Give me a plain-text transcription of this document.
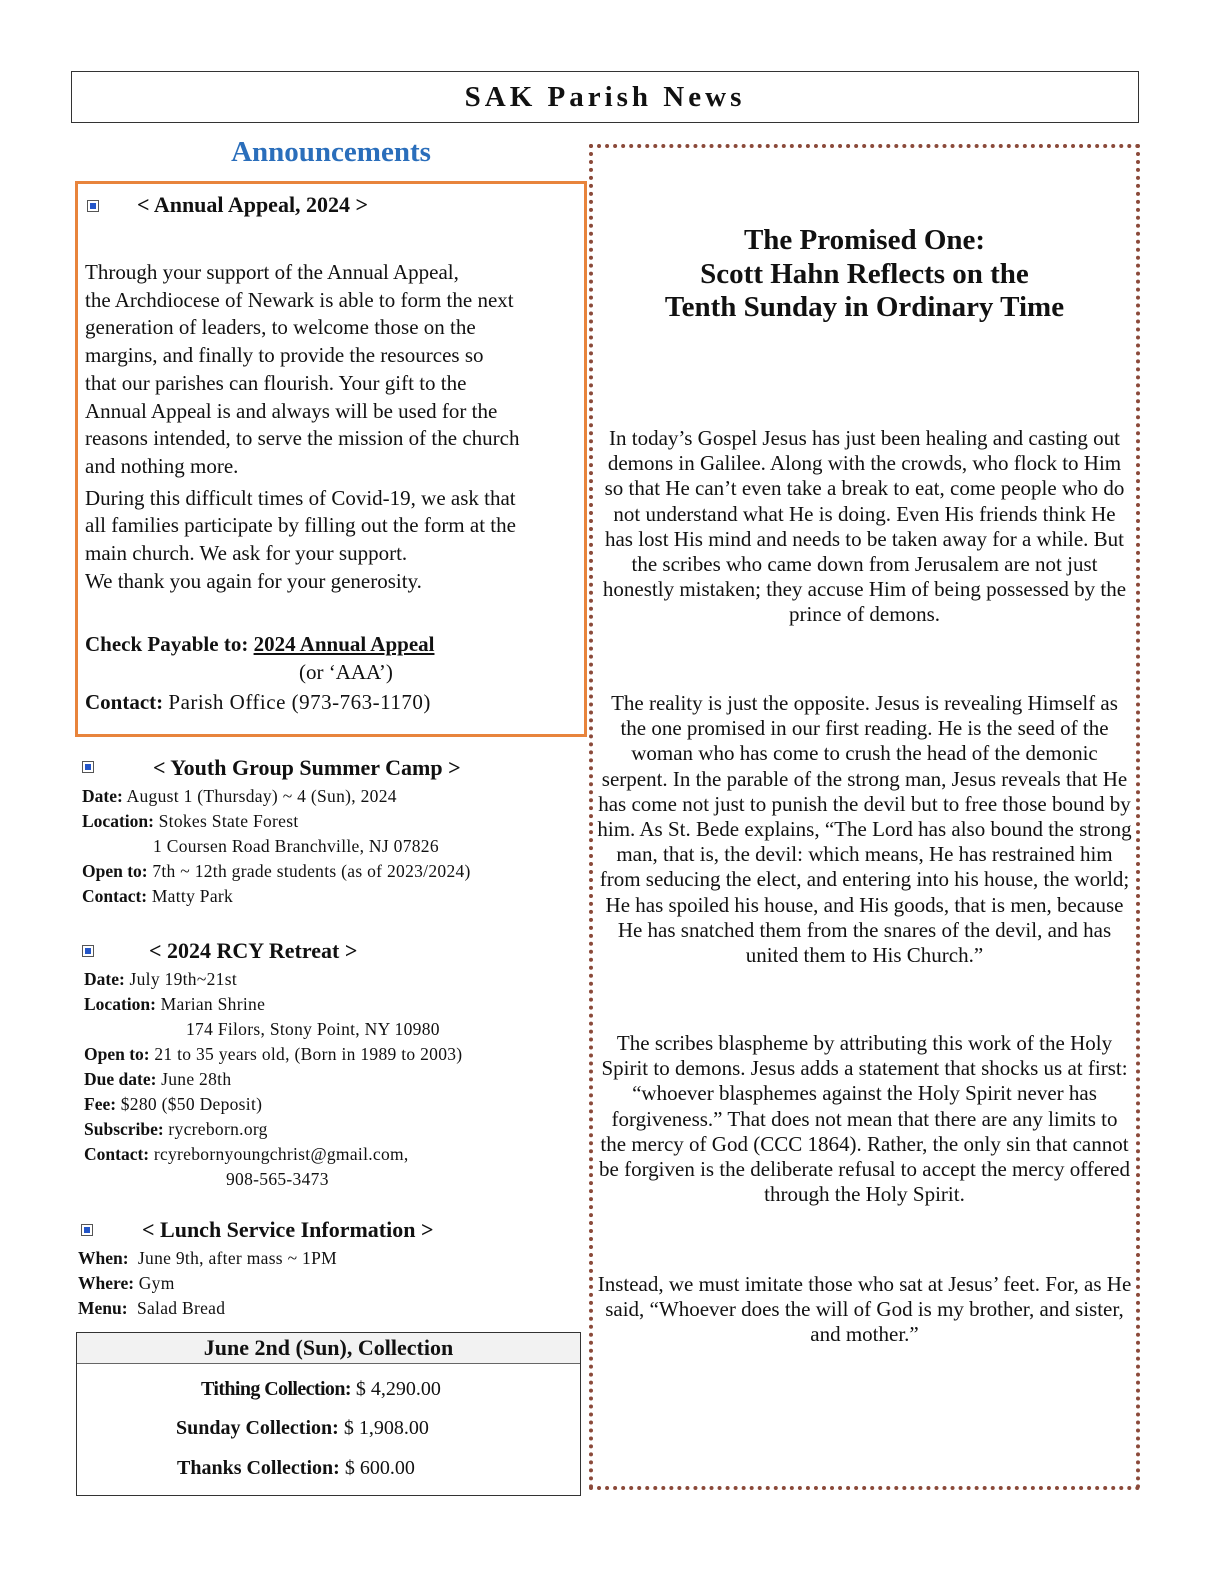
SAK Parish News
Announcements
< Annual Appeal, 2024 >

Through your support of the Annual Appeal,

the Archdiocese of Newark is able to form the next

generation of leaders, to welcome those on the

margins, and finally to provide the resources so

that our parishes can flourish. Your gift to the

Annual Appeal is and always will be used for the

reasons intended, to serve the mission of the church

and nothing more.

During this difficult times of Covid-19, we ask that

all families participate by filling out the form at the

main church. We ask for your support.

We thank you again for your generosity.

Check Payable to: 2024 Annual Appeal
(or ‘AAA’)
Contact: Parish Office (973-763-1170)
< Youth Group Summer Camp >
Date: August 1 (Thursday) ~ 4 (Sun), 2024
Location: Stokes State Forest
1 Coursen Road Branchville, NJ 07826
Open to: 7th ~ 12th grade students (as of 2023/2024)
Contact: Matty Park
< 2024 RCY Retreat >
Date: July 19th~21st
Location: Marian Shrine
174 Filors, Stony Point, NY 10980
Open to: 21 to 35 years old, (Born in 1989 to 2003)
Due date: June 28th
Fee: $280 ($50 Deposit)
Subscribe: rycreborn.org
Contact: rcyrebornyoungchrist@gmail.com,
908-565-3473
< Lunch Service Information >
When: June 9th, after mass ~ 1PM
Where: Gym
Menu: Salad Bread
June 2nd (Sun), Collection
Tithing Collection: $ 4,290.00
Sunday Collection: $ 1,908.00
Thanks Collection: $ 600.00
The Promised One:
Scott Hahn Reflects on the
Tenth Sunday in Ordinary Time

In today’s Gospel Jesus has just been healing and casting out demons in Galilee. Along with the crowds, who flock to Him so that He can’t even take a break to eat, come people who do not understand what He is doing. Even His friends think He has lost His mind and needs to be taken away for a while. But the scribes who came down from Jerusalem are not just honestly mistaken; they accuse Him of being possessed by the prince of demons.

The reality is just the opposite. Jesus is revealing Himself as the one promised in our first reading. He is the seed of the woman who has come to crush the head of the demonic serpent. In the parable of the strong man, Jesus reveals that He has come not just to punish the devil but to free those bound by him. As St. Bede explains, “The Lord has also bound the strong man, that is, the devil: which means, He has restrained him from seducing the elect, and entering into his house, the world; He has spoiled his house, and His goods, that is men, because He has snatched them from the snares of the devil, and has united them to His Church.”

The scribes blaspheme by attributing this work of the Holy Spirit to demons. Jesus adds a statement that shocks us at first: “whoever blasphemes against the Holy Spirit never has forgiveness.” That does not mean that there are any limits to the mercy of God (CCC 1864). Rather, the only sin that cannot be forgiven is the deliberate refusal to accept the mercy offered through the Holy Spirit.

Instead, we must imitate those who sat at Jesus’ feet. For, as He said, “Whoever does the will of God is my brother, and sister, and mother.”
